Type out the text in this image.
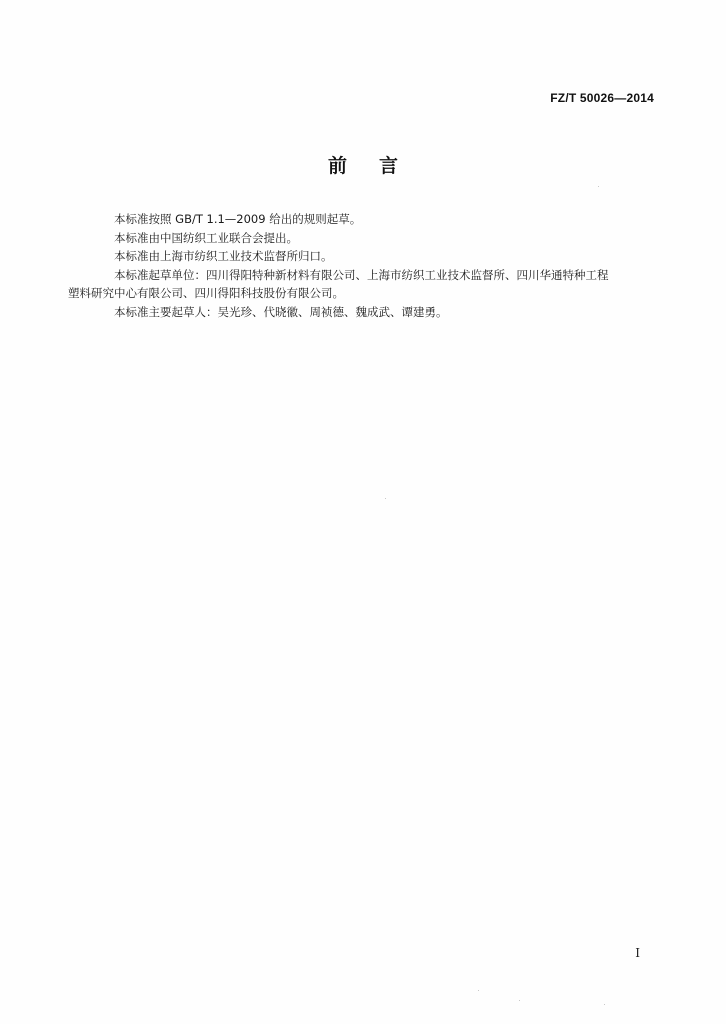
FZ/T 50026—2014
前言

本标准按照 GB/T 1.1—2009 给出的规则起草。

本标准由中国纺织工业联合会提出。

本标准由上海市纺织工业技术监督所归口。

本标准起草单位：四川得阳特种新材料有限公司、上海市纺织工业技术监督所、四川华通特种工程
塑料研究中心有限公司、四川得阳科技股份有限公司。

本标准主要起草人：吴光珍、代晓徽、周祯德、魏成武、谭建勇。

I
